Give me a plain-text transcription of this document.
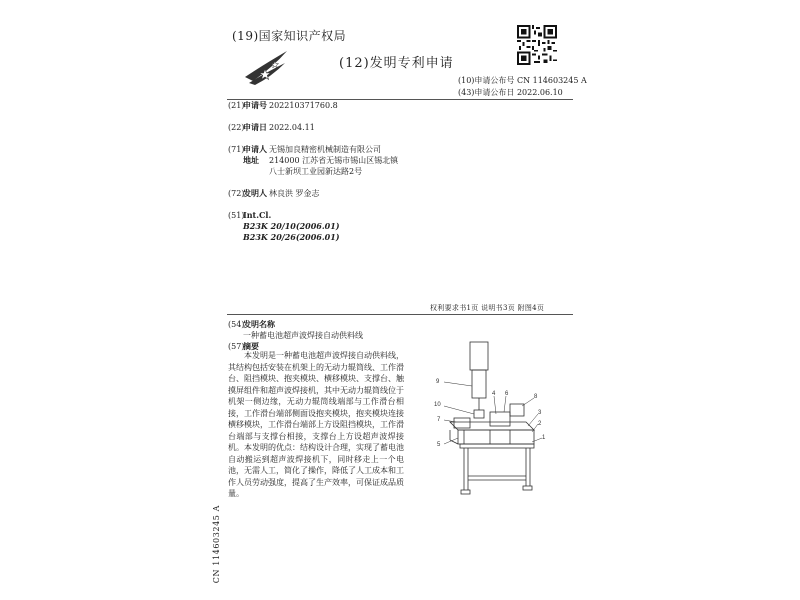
(19)国家知识产权局
(12)发明专利申请
(10)申请公布号 CN 114603245 A
(43)申请公布日 2022.06.10
(21)
申请号 202210371760.8
(22)
申请日 2022.04.11
(71)
申请人 无锡加良精密机械制造有限公司
地址	214000 江苏省无锡市锡山区锡北镇
八士新坝工业园新达路2号
(72)
发明人 林良洪 罗金志
(51)
Int.Cl.
B23K 20/10(2006.01)
B23K 20/26(2006.01)
权利要求书1页 说明书3页 附图4页
(54)
发明名称
一种蓄电池超声波焊接自动供料线
(57)
摘要
本发明是一种蓄电池超声波焊接自动供料线，其结构包括安装在机架上的无动力辊筒线、工作滑台、阻挡模块、抱夹模块、横移模块、支撑台、触摸屏组件和超声波焊接机，其中无动力辊筒线位于机架一侧边缘，无动力辊筒线端部与工作滑台相接，工作滑台端部侧面设抱夹模块，抱夹模块连接横移模块，工作滑台端部上方设阻挡模块，工作滑台端部与支撑台相接，支撑台上方设超声波焊接机。本发明的优点：结构设计合理，实现了蓄电池自动搬运到超声波焊接机下，同时移走上一个电池，无需人工，简化了操作，降低了人工成本和工作人员劳动强度，提高了生产效率，可保证成品质量。
9
4 6	8
10
7
3
2
5
1
CN 114603245 A
